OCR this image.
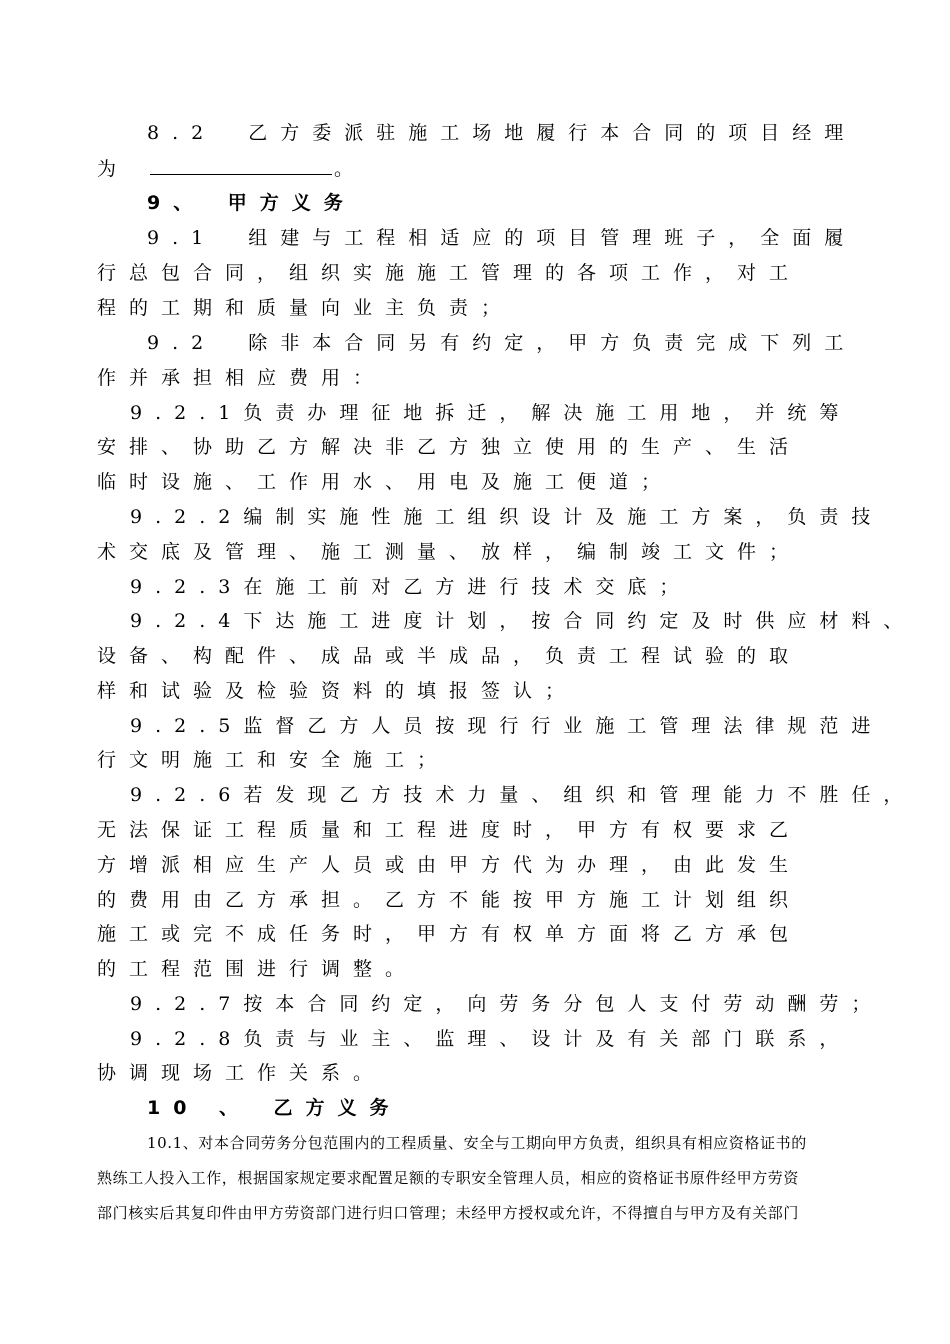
8.2　乙方委派驻施工场地履行本合同的项目经理
为	。
9、　甲方义务
9.1　组建与工程相适应的项目管理班子，全面履
行总包合同，组织实施施工管理的各项工作，对工
程的工期和质量向业主负责；
9.2　除非本合同另有约定，甲方负责完成下列工
作并承担相应费用：
9.2.1负责办理征地拆迁，解决施工用地，并统筹
安排、协助乙方解决非乙方独立使用的生产、生活
临时设施、工作用水、用电及施工便道；
9.2.2编制实施性施工组织设计及施工方案，负责技
术交底及管理、施工测量、放样，编制竣工文件；
9.2.3在施工前对乙方进行技术交底；
9.2.4下达施工进度计划，按合同约定及时供应材料、
设备、构配件、成品或半成品，负责工程试验的取
样和试验及检验资料的填报签认；
9.2.5监督乙方人员按现行行业施工管理法律规范进
行文明施工和安全施工；
9.2.6若发现乙方技术力量、组织和管理能力不胜任，
无法保证工程质量和工程进度时，甲方有权要求乙
方增派相应生产人员或由甲方代为办理，由此发生
的费用由乙方承担。乙方不能按甲方施工计划组织
施工或完不成任务时，甲方有权单方面将乙方承包
的工程范围进行调整。
9.2.7按本合同约定，向劳务分包人支付劳动酬劳；
9.2.8负责与业主、监理、设计及有关部门联系，
协调现场工作关系。
10 、　乙方义务
10.1、对本合同劳务分包范围内的工程质量、安全与工期向甲方负责，组织具有相应资格证书的
熟练工人投入工作，根据国家规定要求配置足额的专职安全管理人员，相应的资格证书原件经甲方劳资
部门核实后其复印件由甲方劳资部门进行归口管理；未经甲方授权或允许，不得擅自与甲方及有关部门
